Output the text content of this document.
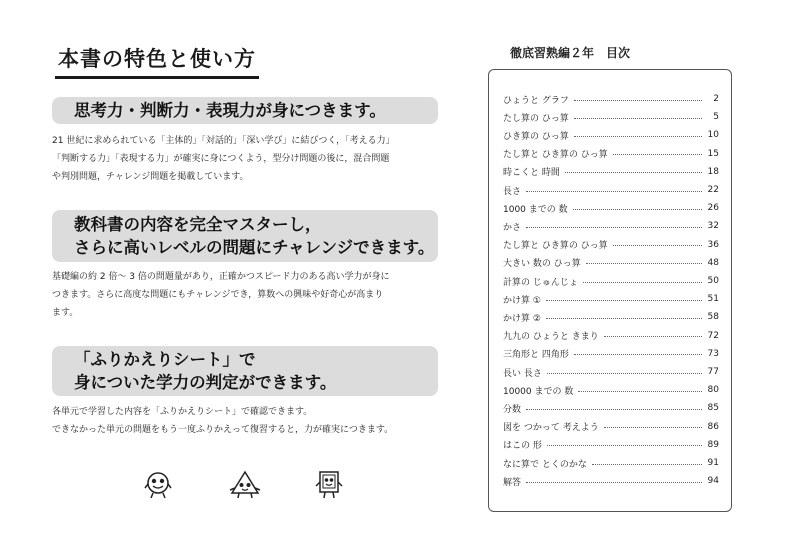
本書の特色と使い方
思考力・判断力・表現力が身につきます。
21 世紀に求められている「主体的」「対話的」「深い学び」に結びつく，「考える力」
「判断する力」「表現する力」が確実に身につくよう，型分け問題の後に，混合問題
や判別問題，チャレンジ問題を掲載しています。
教科書の内容を完全マスターし，
さらに高いレベルの問題にチャレンジできます。
基礎編の約 2 倍～ 3 倍の問題量があり，正確かつスピード力のある高い学力が身に
つきます。さらに高度な問題にもチャレンジでき，算数への興味や好奇心が高まり
ます。
「ふりかえりシート」で
身についた学力の判定ができます。
各単元で学習した内容を「ふりかえりシート」で確認できます。
できなかった単元の問題をもう一度ふりかえって復習すると，力が確実につきます。
徹底習熟編２年　目次
ひょうと グラフ	2
たし算の ひっ算	5
ひき算の ひっ算	10
たし算と ひき算の ひっ算	15
時こくと 時間	18
長さ	22
1000 までの 数	26
かさ	32
たし算と ひき算の ひっ算	36
大きい 数の ひっ算	48
計算の じゅんじょ	50
かけ算 ①	51
かけ算 ②	58
九九の ひょうと きまり	72
三角形と 四角形	73
長い 長さ	77
10000 までの 数	80
分数	85
図を つかって 考えよう	86
はこの 形	89
なに算で とくのかな	91
解答	94
